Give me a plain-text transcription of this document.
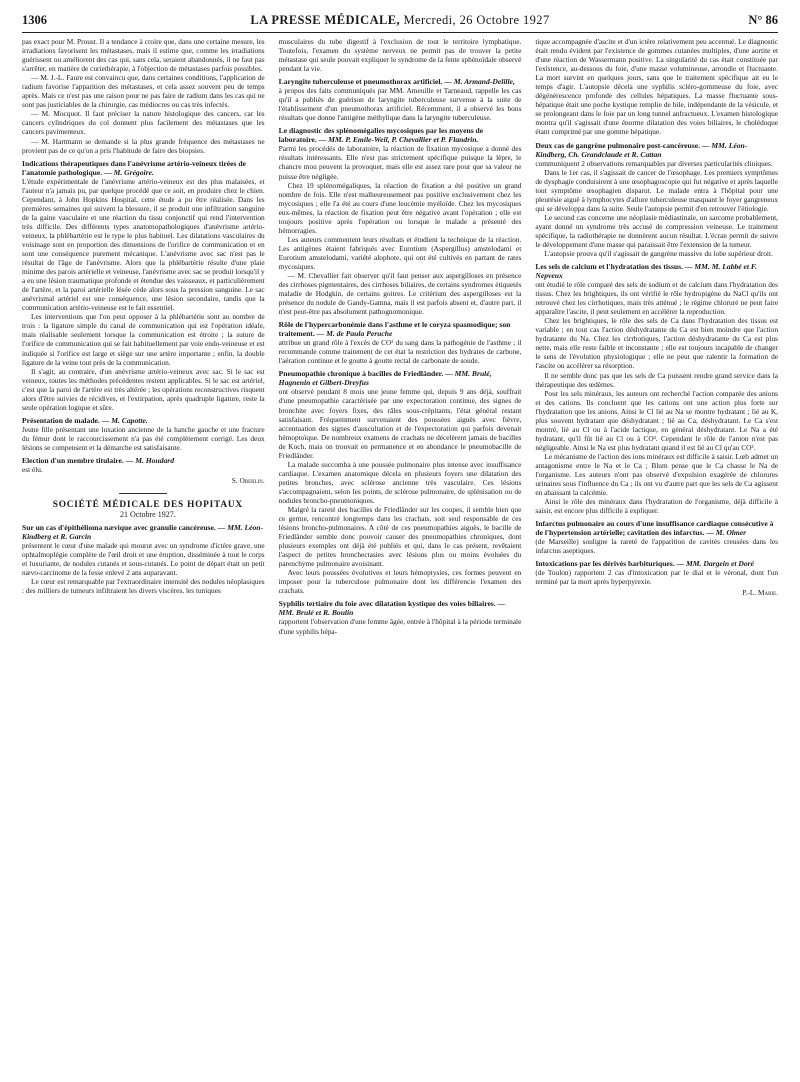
1306	LA PRESSE MÉDICALE, Mercredi, 26 Octobre 1927	N° 86

pas exact pour M. Proust. Il a tendance à croire que, dans une certaine mesure, les irradiations favorisent les métastases, mais il estime que, comme les irradiations guérissent ou améliorent des cas qui, sans cela, seraient abandonnés, il ne faut pas s'arrêter, en matière de curiethérapie, à l'objection de métastases parfois possibles.

— M. J.-L. Faure est convaincu que, dans certaines conditions, l'application de radium favorise l'apparition des métastases, et cela assez souvent peu de temps après. Mais ce n'est pas une raison pour ne pas faire de radium dans les cas qui ne sont pas justiciables de la chirurgie, cas médiocres ou cas très infectés.

— M. Mocquot. Il faut préciser la nature histologique des cancers, car les cancers cylindriques du col donnent plus facilement des métastases que les cancers pavimenteux.

— M. Hartmann se demande si la plus grande fréquence des métastases ne provient pas de ce qu'on a pris l'habitude de faire des biopsies.

Indications thérapeutiques dans l'anévrisme artério-veineux tirées de l'anatomie pathologique. — M. Grégoire.

L'étude expérimentale de l'anévrisme artério-veineux est des plus malaisées, et l'auteur n'a jamais pu, par quelque procédé que ce soit, en produire chez le chien. Cependant, à John Hopkins Hospital, cette étude a pu être réalisée. Dans les premières semaines qui suivent la blessure, il se produit une infiltration sanguine de la gaine vasculaire et une réaction du tissu conjonctif qui rend l'intervention très difficile. Des différents types anatomopathologiques d'anévrisme artério-veineux, la phlébartérie est le type le plus habituel. Les dilatations vasculaires du voisinage sont en proportion des dimensions de l'orifice de communication et en sont une conséquence purement mécanique. L'anévrisme avec sac n'est pas le résultat de l'âge de l'anévrisme. Alors que la phlébartérie résulte d'une plaie minime des parois artérielle et veineuse, l'anévrisme avec sac se produit lorsqu'il y a eu une lésion traumatique profonde et étendue des vaisseaux, et particulièrement de l'artère, et la paroi artérielle lésée cède alors sous la pression sanguine. Le sac anévrismal artériel est une conséquence, une lésion secondaire, tandis que la communication artério-veineuse est le fait essentiel.

Les interventions que l'on peut opposer à la phlébartérie sont au nombre de trois : la ligature simple du canal de communication qui est l'opération idéale, mais réalisable seulement lorsque la communication est étroite ; la suture de l'orifice de communication qui se fait habituellement par voie endo-veineuse et est indiquée si l'orifice est large et siège sur une artère importante ; enfin, la double ligature de la veine tout près de la communication.

Il s'agit, au contraire, d'un anévrisme artério-veineux avec sac. Si le sac est veineux, toutes les méthodes précédentes restent applicables. Si le sac est artériel, c'est que la paroi de l'artère est très altérée ; les opérations reconstructives risquent alors d'être suivies de récidives, et l'extirpation, après quadruple ligature, reste la seule opération logique et sûre.

Présentation de malade. — M. Capotte.

Jeune fille présentant une luxation ancienne de la hanche gauche et une fracture du fémur dont le raccourcissement n'a pas été complètement corrigé. Les deux lésions se compensent et la démarche est satisfaisante.

Election d'un membre titulaire. — M. Houdard

est élu.

S. Oberlin.

SOCIÉTÉ MÉDICALE DES HOPITAUX

21 Octobre 1927.

Sur un cas d'épithélioma nævique avec granulie cancéreuse. — MM. Léon-Kindberg et R. Garcin

présentent le cœur d'une malade qui mourut avec un syndrome d'ictère grave, une ophtalmoplégie complète de l'œil droit et une éruption, disséminée à tout le corps et luxuriante, de nodules cutanés et sous-cutanés. Le point de départ était un petit nævo-carcinome de la fesse enlevé 2 ans auparavant.

Le cœur est remarquable par l'extraordinaire intensité des nodules néoplasiques : des milliers de tumeurs infiltraient les divers viscères, les tuniques

musculaires du tube digestif à l'exclusion de tout le territoire lymphatique. Toutefois, l'examen du système nerveux ne permit pas de trouver la petite métastase qui seule pouvait expliquer le syndrome de la fente sphénoïdale observé pendant la vie.

Laryngite tuberculeuse et pneumothorax artificiel. — M. Armand-Delille,

à propos des faits communiqués par MM. Ameuille et Tarneaud, rappelle les cas qu'il a publiés de guérison de laryngite tuberculeuse survenue à la suite de l'établissement d'un pneumothorax artificiel. Récemment, il a observé les bons résultats que donne l'antigène méthylique dans la laryngite tuberculeuse.

Le diagnostic des splénomégalies mycosiques par les moyens de laboratoire. — MM. P. Emile-Weil, P. Chevallier et P. Flandrin.

Parmi les procédés de laboratoire, la réaction de fixation mycosique a donné des résultats intéressants. Elle n'est pas strictement spécifique puisque la lèpre, le chancre mou peuvent la provoquer, mais elle est assez rare pour que sa valeur ne puisse être négligée.

Chez 19 splénomégaliques, la réaction de fixation a été positive un grand nombre de fois. Elle n'est malheureusement pas positive exclusivement chez les mycosiques ; elle l'a été au cours d'une leucémie myéloïde. Chez les mycosiques eux-mêmes, la réaction de fixation peut être négative avant l'opération ; elle est toujours positive après l'opération ou lorsque le malade a présenté des hémorragies.

Les auteurs commentent leurs résultats et étudient la technique de la réaction. Les antigènes étaient fabriqués avec Eurotium (Aspergillus) amstelodami et Eurotium amstelodami, variété alophote, qui ont été cultivés en partant de rates mycosiques.

— M. Chevallier fait observer qu'il faut penser aux aspergilloses en présence des cirrhoses pigmentaires, des cirrhoses biliaires, de certains syndromes étiquetés maladie de Hodgkin, de certains goitres. Le critérium des aspergilloses est la présence du nodule de Gandy-Gamna, mais il est parfois absent et, d'autre part, il n'est peut-être pas absolument pathognomonique.

Rôle de l'hypercarbonémie dans l'asthme et le coryza spasmodique; son traitement. — M. de Paula Peruche

attribue un grand rôle à l'excès de CO² du sang dans la pathogénie de l'asthme ; il recommande comme traitement de cet état la restriction des hydrates de carbone, l'aération continue et le goutte à goutte rectal de carbonate de soude.

Pneumopathie chronique à bacilles de Friedländer. — MM. Brulé, Hagnenin et Gilbert-Dreyfus

ont observé pendant 8 mois une jeune femme qui, depuis 9 ans déjà, souffrait d'une pneumopathie caractérisée par une expectoration continue, des signes de bronchite avec foyers fixes, des râles sous-crépitants, l'état général restant satisfaisant. Fréquemment survenaient des poussées aiguës avec fièvre, accentuation des signes d'auscultation et de l'expectoration qui parfois devenait hémoptoïque. De nombreux examens de crachats ne décelèrent jamais de bacilles de Koch, mais on trouvait en permanence et en abondance le pneumobacille de Friedländer.

La malade succomba à une poussée pulmonaire plus intense avec insuffisance cardiaque. L'examen anatomique décela en plusieurs foyers une dilatation des petites bronches, avec sclérose ancienne très vasculaire. Ces lésions s'accompagnaient, selon les points, de sclérose pulmonaire, de splénisation ou de nodules broncho-pneumoniques.

Malgré la rareté des bacilles de Friedländer sur les coupes, il semble bien que ce germe, rencontré longtemps dans les crachats, soit seul responsable de ces lésions broncho-pulmonaires. A côté de ces pneumopathies aiguës, le bacille de Friedländer semble donc pouvoir causer des pneumopathies chroniques, dont plusieurs exemples ont déjà été publiés et qui, dans le cas présent, revêtaient l'aspect de petites bronchectasies avec lésions plus ou moins évoluées du parenchyme pulmonaire avoisinant.

Avec leurs poussées évolutives et leurs hémoptysies, ces formes peuvent en imposer pour la tuberculose pulmonaire dont les différencie l'examen des crachats.

Syphilis tertiaire du foie avec dilatation kystique des voies biliaires. — MM. Brulé et R. Boulin

rapportent l'observation d'une femme âgée, entrée à l'hôpital à la période terminale d'une syphilis hépa-

tique accompagnée d'ascite et d'un ictère relativement peu accentué. Le diagnostic était rendu évident par l'existence de gommes cutanées multiples, d'une aortite et d'une réaction de Wassermann positive. La singularité du cas était constituée par l'existence, au-dessous du foie, d'une masse volumineuse, arrondie et fluctuante. La mort survint en quelques jours, sans que le traitement spécifique ait eu le temps d'agir. L'autopsie décela une syphilis scléro-gommeuse du foie, avec dégénérescence profonde des cellules hépatiques. La masse fluctuante sous-hépatique était une poche kystique remplie de bile, indépendante de la vésicule, et se prolongeant dans le foie par un long tunnel anfractueux. L'examen histologique montra qu'il s'agissait d'une énorme dilatation des voies biliaires, le cholédoque étant comprimé par une gomme hépatique.

Deux cas de gangrène pulmonaire post-cancéreuse. — MM. Léon-Kindberg, Ch. Grandclaude et R. Cattan

communiquent 2 observations remarquables par diverses particularités cliniques.

Dans le 1er cas, il s'agissait de cancer de l'œsophage. Les premiers symptômes de dysphagie conduisirent à une œsophagoscopie qui fut négative et après laquelle tout symptôme œsophagien disparut. Le malade entra à l'hôpital pour une pleurésie aiguë à lymphocytes d'allure tuberculeuse masquant le foyer gangreneux qui se développa dans la suite. Seule l'autopsie permit d'en retrouver l'étiologie.

Le second cas concerne une néoplasie médiastinale, un sarcome probablement, ayant donné un syndrome très accusé de compression veineuse. Le traitement spécifique, la radiothérapie ne donnèrent aucun résultat. L'écran permit de suivre le développement d'une masse qui paraissait être l'extension de la tumeur.

L'autopsie prouva qu'il s'agissait de gangrène massive du lobe supérieur droit.

Les sels de calcium et l'hydratation des tissus. — MM. M. Labbé et F. Nepveux

ont étudié le rôle comparé des sels de sodium et de calcium dans l'hydratation des tissus. Chez les brightiques, ils ont vérifié le rôle hydropigène du NaCl qu'ils ont retrouvé chez les cirrhotiques, mais très atténué ; le régime chloruré ne peut faire apparaître l'ascite, il peut seulement en accélérer la reproduction.

Chez les brightiques, le rôle des sels de Ca dans l'hydratation des tissus est variable ; en tout cas l'action déshydratante du Ca est bien moindre que l'action hydratante du Na. Chez les cirrhotiques, l'action déshydratante du Ca est plus nette, mais elle reste faible et inconstante ; elle est toujours incapable de changer le sens de l'évolution physiologique ; elle ne peut que ralentir la formation de l'ascite ou accélérer sa résorption.

Il ne semble donc pas que les sels de Ca puissent rendre grand service dans la thérapeutique des œdèmes.

Pour les sels minéraux, les auteurs ont recherché l'action comparée des anions et des cations. Ils concluent que les cations ont une action plus forte sur l'hydratation que les anions. Ainsi le Cl lié au Na se montre hydratant ; lié au K, plus souvent hydratant que déshydratant ; lié au Ca, déshydratant. Le Ca s'est montré, lié au Cl ou à l'acide lactique, en général déshydratant. Le Na a été hydratant, qu'il fût lié au Cl ou à CO³. Cependant le rôle de l'anion n'est pas négligeable. Ainsi le Na est plus hydratant quand il est lié au Cl qu'au CO³.

Le mécanisme de l'action des ions minéraux est difficile à saisir. Lœb admet un antagonisme entre le Na et le Ca ; Blum pense que le Ca chasse le Na de l'organisme. Les auteurs n'ont pas observé d'expulsion exagérée de chlorures urinaires sous l'influence du Ca ; ils ont vu d'autre part que les sels de Ca agissent en abaissant la calcémie.

Ainsi le rôle des minéraux dans l'hydratation de l'organisme, déjà difficile à saisir, est encore plus difficile à expliquer.

Infarctus pulmonaire au cours d'une insuffisance cardiaque consécutive à de l'hypertension artérielle; cavitation des infarctus. — M. Olmer

(de Marseille) souligne la rareté de l'apparition de cavités creusées dans les infarctus aseptiques.

Intoxications par les dérivés barbituriques. — MM. Dargein et Doré

(de Toulon) rapportent 2 cas d'intoxication par le dial et le véronal, dont l'un terminé par la mort après hyperpyrexie.

P.-L. Marie.
